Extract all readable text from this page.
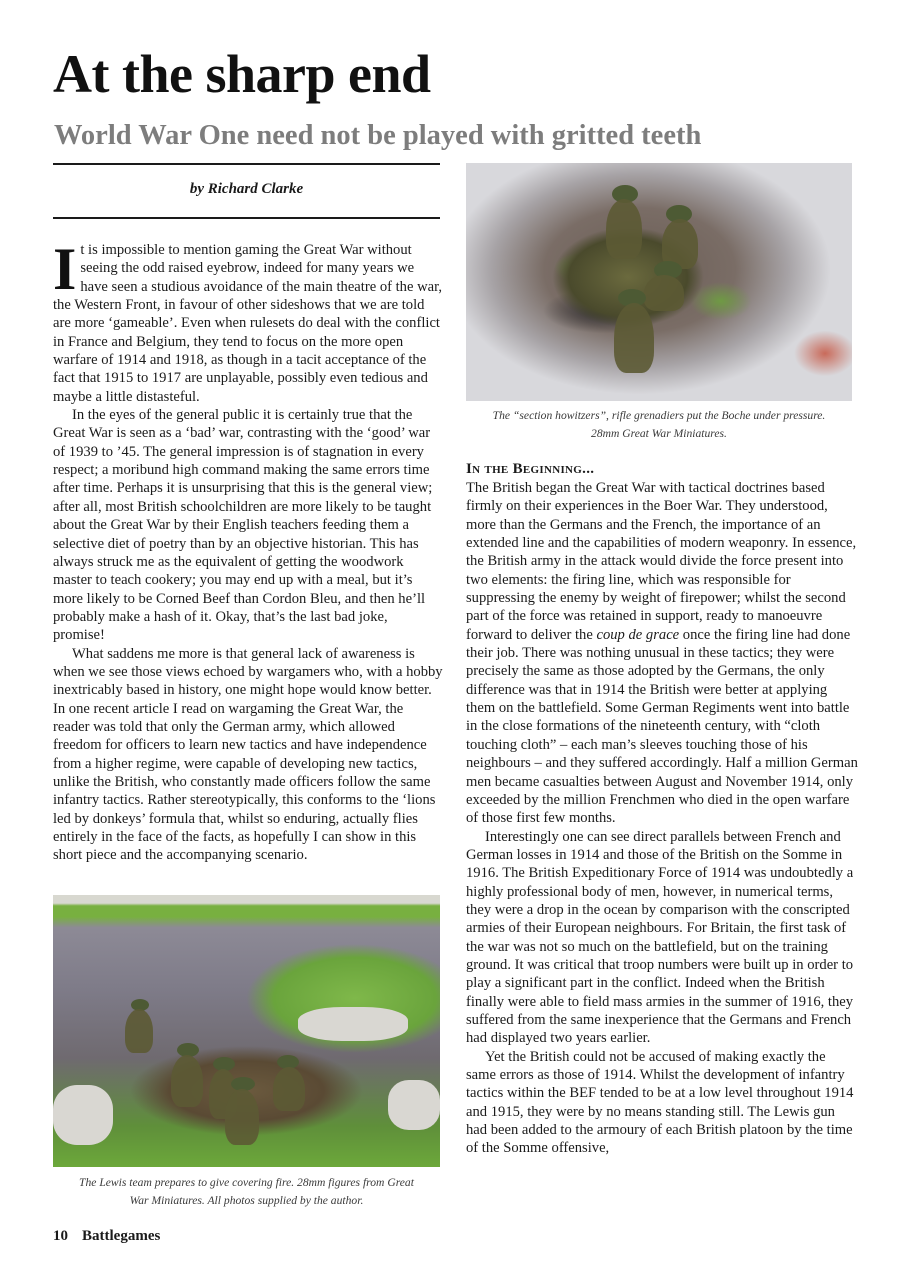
At the sharp end
World War One need not be played with gritted teeth
by Richard Clarke

It is impossible to mention gaming the Great War without seeing the odd raised eyebrow, indeed for many years we have seen a studious avoidance of the main theatre of the war, the Western Front, in favour of other sideshows that we are told are more ‘gameable’. Even when rulesets do deal with the conflict in France and Belgium, they tend to focus on the more open warfare of 1914 and 1918, as though in a tacit acceptance of the fact that 1915 to 1917 are unplayable, possibly even tedious and maybe a little distasteful.

In the eyes of the general public it is certainly true that the Great War is seen as a ‘bad’ war, contrasting with the ‘good’ war of 1939 to ’45. The general impression is of stagnation in every respect; a moribund high command making the same errors time after time. Perhaps it is unsurprising that this is the general view; after all, most British schoolchildren are more likely to be taught about the Great War by their English teachers feeding them a selective diet of poetry than by an objective historian. This has always struck me as the equivalent of getting the woodwork master to teach cookery; you may end up with a meal, but it’s more likely to be Corned Beef than Cordon Bleu, and then he’ll probably make a hash of it. Okay, that’s the last bad joke, promise!

What saddens me more is that general lack of awareness is when we see those views echoed by wargamers who, with a hobby inextricably based in history, one might hope would know better. In one recent article I read on wargaming the Great War, the reader was told that only the German army, which allowed freedom for officers to learn new tactics and have independence from a higher regime, were capable of developing new tactics, unlike the British, who constantly made officers follow the same infantry tactics. Rather stereotypically, this conforms to the ‘lions led by donkeys’ formula that, whilst so enduring, actually flies entirely in the face of the facts, as hopefully I can show in this short piece and the accompanying scenario.

The “section howitzers”, rifle grenadiers put the Boche under pressure.
28mm Great War Miniatures.

In the Beginning...

The British began the Great War with tactical doctrines based firmly on their experiences in the Boer War. They understood, more than the Germans and the French, the importance of an extended line and the capabilities of modern weaponry. In essence, the British army in the attack would divide the force present into two elements: the firing line, which was responsible for suppressing the enemy by weight of firepower; whilst the second part of the force was retained in support, ready to manoeuvre forward to deliver the coup de grace once the firing line had done their job. There was nothing unusual in these tactics; they were precisely the same as those adopted by the Germans, the only difference was that in 1914 the British were better at applying them on the battlefield. Some German Regiments went into battle in the close formations of the nineteenth century, with “cloth touching cloth” – each man’s sleeves touching those of his neighbours – and they suffered accordingly. Half a million German men became casualties between August and November 1914, only exceeded by the million Frenchmen who died in the open warfare of those first few months.

Interestingly one can see direct parallels between French and German losses in 1914 and those of the British on the Somme in 1916. The British Expeditionary Force of 1914 was undoubtedly a highly professional body of men, however, in numerical terms, they were a drop in the ocean by comparison with the conscripted armies of their European neighbours. For Britain, the first task of the war was not so much on the battlefield, but on the training ground. It was critical that troop numbers were built up in order to play a significant part in the conflict. Indeed when the British finally were able to field mass armies in the summer of 1916, they suffered from the same inexperience that the Germans and French had displayed two years earlier.

Yet the British could not be accused of making exactly the same errors as those of 1914. Whilst the development of infantry tactics within the BEF tended to be at a low level throughout 1914 and 1915, they were by no means standing still. The Lewis gun had been added to the armoury of each British platoon by the time of the Somme offensive,

The Lewis team prepares to give covering fire. 28mm figures from Great
War Miniatures. All photos supplied by the author.
10 Battlegames
